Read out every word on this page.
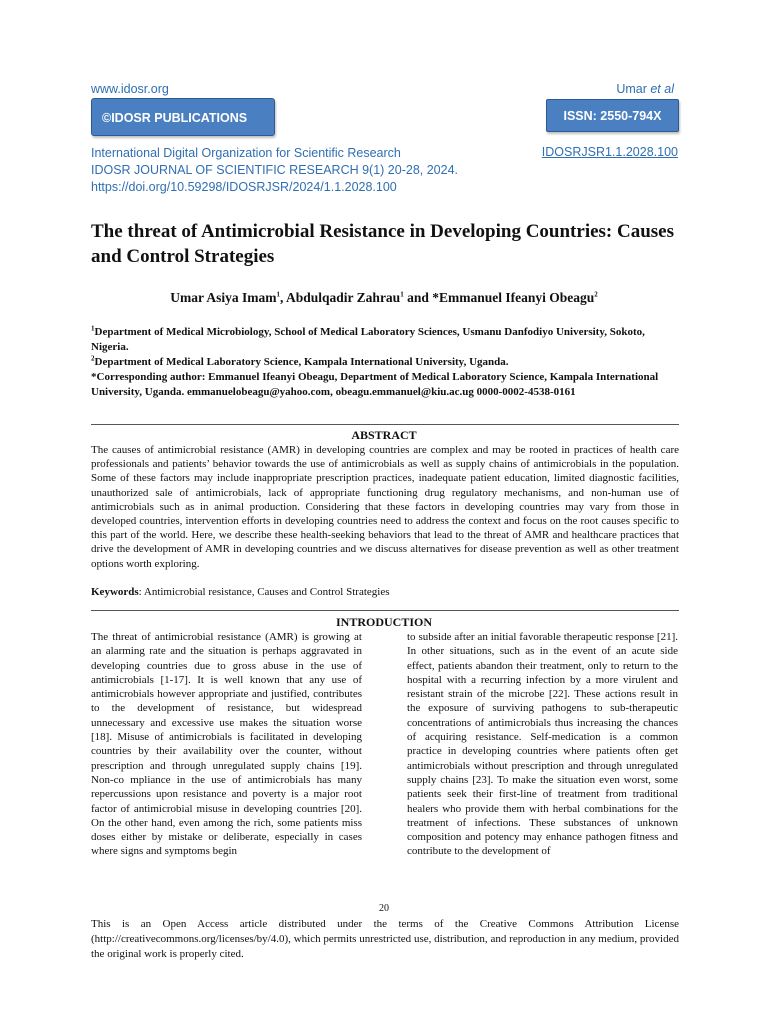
www.idosr.org	Umar et al
©IDOSR PUBLICATIONS	ISSN: 2550-794X
International Digital Organization for Scientific Research
IDOSR JOURNAL OF SCIENTIFIC RESEARCH 9(1) 20-28, 2024.
https://doi.org/10.59298/IDOSRJSR/2024/1.1.2028.100
IDOSRJSR1.1.2028.100
The threat of Antimicrobial Resistance in Developing Countries: Causes and Control Strategies
Umar Asiya Imam$^1$, Abdulqadir Zahrau$^1$ and *Emmanuel Ifeanyi Obeagu$^2$
$^1$Department of Medical Microbiology, School of Medical Laboratory Sciences, Usmanu Danfodiyo University, Sokoto, Nigeria.
$^2$Department of Medical Laboratory Science, Kampala International University, Uganda.
*Corresponding author: Emmanuel Ifeanyi Obeagu, Department of Medical Laboratory Science, Kampala International University, Uganda. emmanuelobeagu@yahoo.com, obeagu.emmanuel@kiu.ac.ug 0000-0002-4538-0161
ABSTRACT
The causes of antimicrobial resistance (AMR) in developing countries are complex and may be rooted in practices of health care professionals and patients’ behavior towards the use of antimicrobials as well as supply chains of antimicrobials in the population. Some of these factors may include inappropriate prescription practices, inadequate patient education, limited diagnostic facilities, unauthorized sale of antimicrobials, lack of appropriate functioning drug regulatory mechanisms, and non-human use of antimicrobials such as in animal production. Considering that these factors in developing countries may vary from those in developed countries, intervention efforts in developing countries need to address the context and focus on the root causes specific to this part of the world. Here, we describe these health-seeking behaviors that lead to the threat of AMR and healthcare practices that drive the development of AMR in developing countries and we discuss alternatives for disease prevention as well as other treatment options worth exploring.
Keywords: Antimicrobial resistance, Causes and Control Strategies
INTRODUCTION
The threat of antimicrobial resistance (AMR) is growing at an alarming rate and the situation is perhaps aggravated in developing countries due to gross abuse in the use of antimicrobials [1-17]. It is well known that any use of antimicrobials however appropriate and justified, contributes to the development of resistance, but widespread unnecessary and excessive use makes the situation worse [18]. Misuse of antimicrobials is facilitated in developing countries by their availability over the counter, without prescription and through unregulated supply chains [19]. Non-co mpliance in the use of antimicrobials has many repercussions upon resistance and poverty is a major root factor of antimicrobial misuse in developing countries [20]. On the other hand, even among the rich, some patients miss doses either by mistake or deliberate, especially in cases where signs and symptoms begin
to subside after an initial favorable therapeutic response [21]. In other situations, such as in the event of an acute side effect, patients abandon their treatment, only to return to the hospital with a recurring infection by a more virulent and resistant strain of the microbe [22]. These actions result in the exposure of surviving pathogens to sub-therapeutic concentrations of antimicrobials thus increasing the chances of acquiring resistance. Self-medication is a common practice in developing countries where patients often get antimicrobials without prescription and through unregulated supply chains [23]. To make the situation even worst, some patients seek their first-line of treatment from traditional healers who provide them with herbal combinations for the treatment of infections. These substances of unknown composition and potency may enhance pathogen fitness and contribute to the development of
20
This is an Open Access article distributed under the terms of the Creative Commons Attribution License (http://creativecommons.org/licenses/by/4.0), which permits unrestricted use, distribution, and reproduction in any medium, provided the original work is properly cited.
